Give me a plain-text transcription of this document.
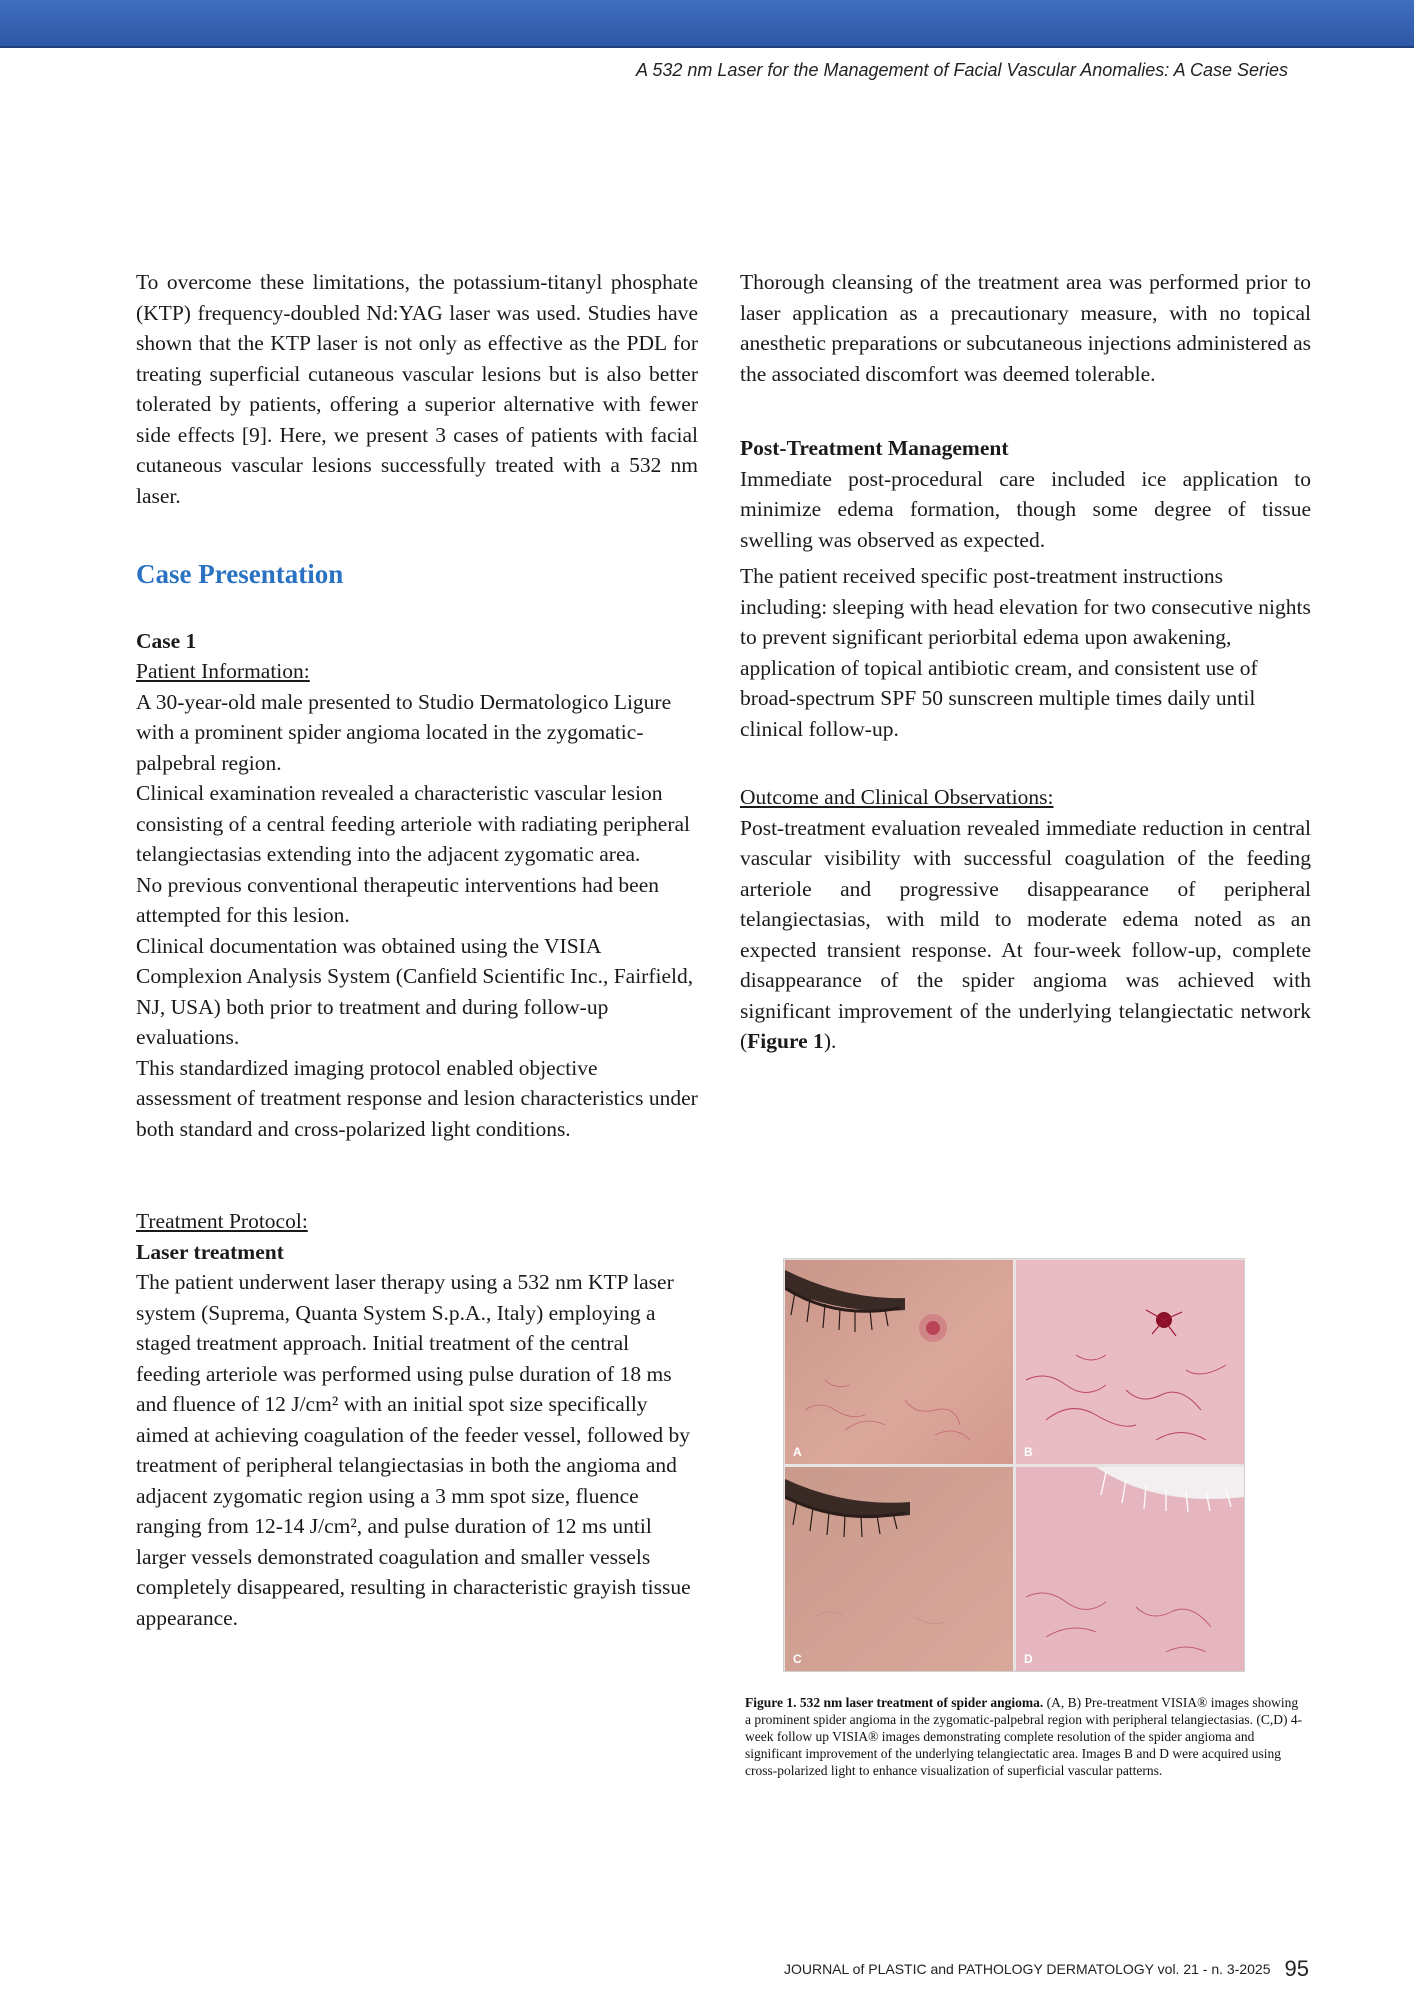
A 532 nm Laser for the Management of Facial Vascular Anomalies: A Case Series

To overcome these limitations, the potassium-titanyl phosphate (KTP) frequency-doubled Nd:YAG laser was used. Studies have shown that the KTP laser is not only as effective as the PDL for treating superficial cutaneous vascular lesions but is also better tolerated by patients, offering a superior alternative with fewer side effects [9]. Here, we present 3 cases of patients with facial cutaneous vascular lesions successfully treated with a 532 nm laser.

Case Presentation

Case 1

Patient Information:

A 30-year-old male presented to Studio Dermatologico Ligure with a prominent spider angioma located in the zygomatic-palpebral region.

Clinical examination revealed a characteristic vascular lesion consisting of a central feeding arteriole with radiating peripheral telangiectasias extending into the adjacent zygomatic area.

No previous conventional therapeutic interventions had been attempted for this lesion.

Clinical documentation was obtained using the VISIA Complexion Analysis System (Canfield Scientific Inc., Fairfield, NJ, USA) both prior to treatment and during follow-up evaluations.

This standardized imaging protocol enabled objective assessment of treatment response and lesion characteristics under both standard and cross-polarized light conditions.

Treatment Protocol:

Laser treatment

The patient underwent laser therapy using a 532 nm KTP laser system (Suprema, Quanta System S.p.A., Italy) employing a staged treatment approach. Initial treatment of the central feeding arteriole was performed using pulse duration of 18 ms and fluence of 12 J/cm² with an initial spot size specifically aimed at achieving coagulation of the feeder vessel, followed by treatment of peripheral telangiectasias in both the angioma and adjacent zygomatic region using a 3 mm spot size, fluence ranging from 12-14 J/cm², and pulse duration of 12 ms until larger vessels demonstrated coagulation and smaller vessels completely disappeared, resulting in characteristic grayish tissue appearance.

Thorough cleansing of the treatment area was performed prior to laser application as a precautionary measure, with no topical anesthetic preparations or subcutaneous injections administered as the associated discomfort was deemed tolerable.

Post-Treatment Management

Immediate post-procedural care included ice application to minimize edema formation, though some degree of tissue swelling was observed as expected.

The patient received specific post-treatment instructions including: sleeping with head elevation for two consecutive nights to prevent significant periorbital edema upon awakening, application of topical antibiotic cream, and consistent use of broad-spectrum SPF 50 sunscreen multiple times daily until clinical follow-up.

Outcome and Clinical Observations:

Post-treatment evaluation revealed immediate reduction in central vascular visibility with successful coagulation of the feeding arteriole and progressive disappearance of peripheral telangiectasias, with mild to moderate edema noted as an expected transient response. At four-week follow-up, complete disappearance of the spider angioma was achieved with significant improvement of the underlying telangiectatic network (Figure 1).

A	B
C	D

Figure 1. 532 nm laser treatment of spider angioma. (A, B) Pre-treatment VISIA® images showing a prominent spider angioma in the zygomatic-palpebral region with peripheral telangiectasias. (C,D) 4-week follow up VISIA® images demonstrating complete resolution of the spider angioma and significant improvement of the underlying telangiectatic area. Images B and D were acquired using cross-polarized light to enhance visualization of superficial vascular patterns.

JOURNAL of PLASTIC and PATHOLOGY DERMATOLOGY vol. 21 - n. 3-2025 95
